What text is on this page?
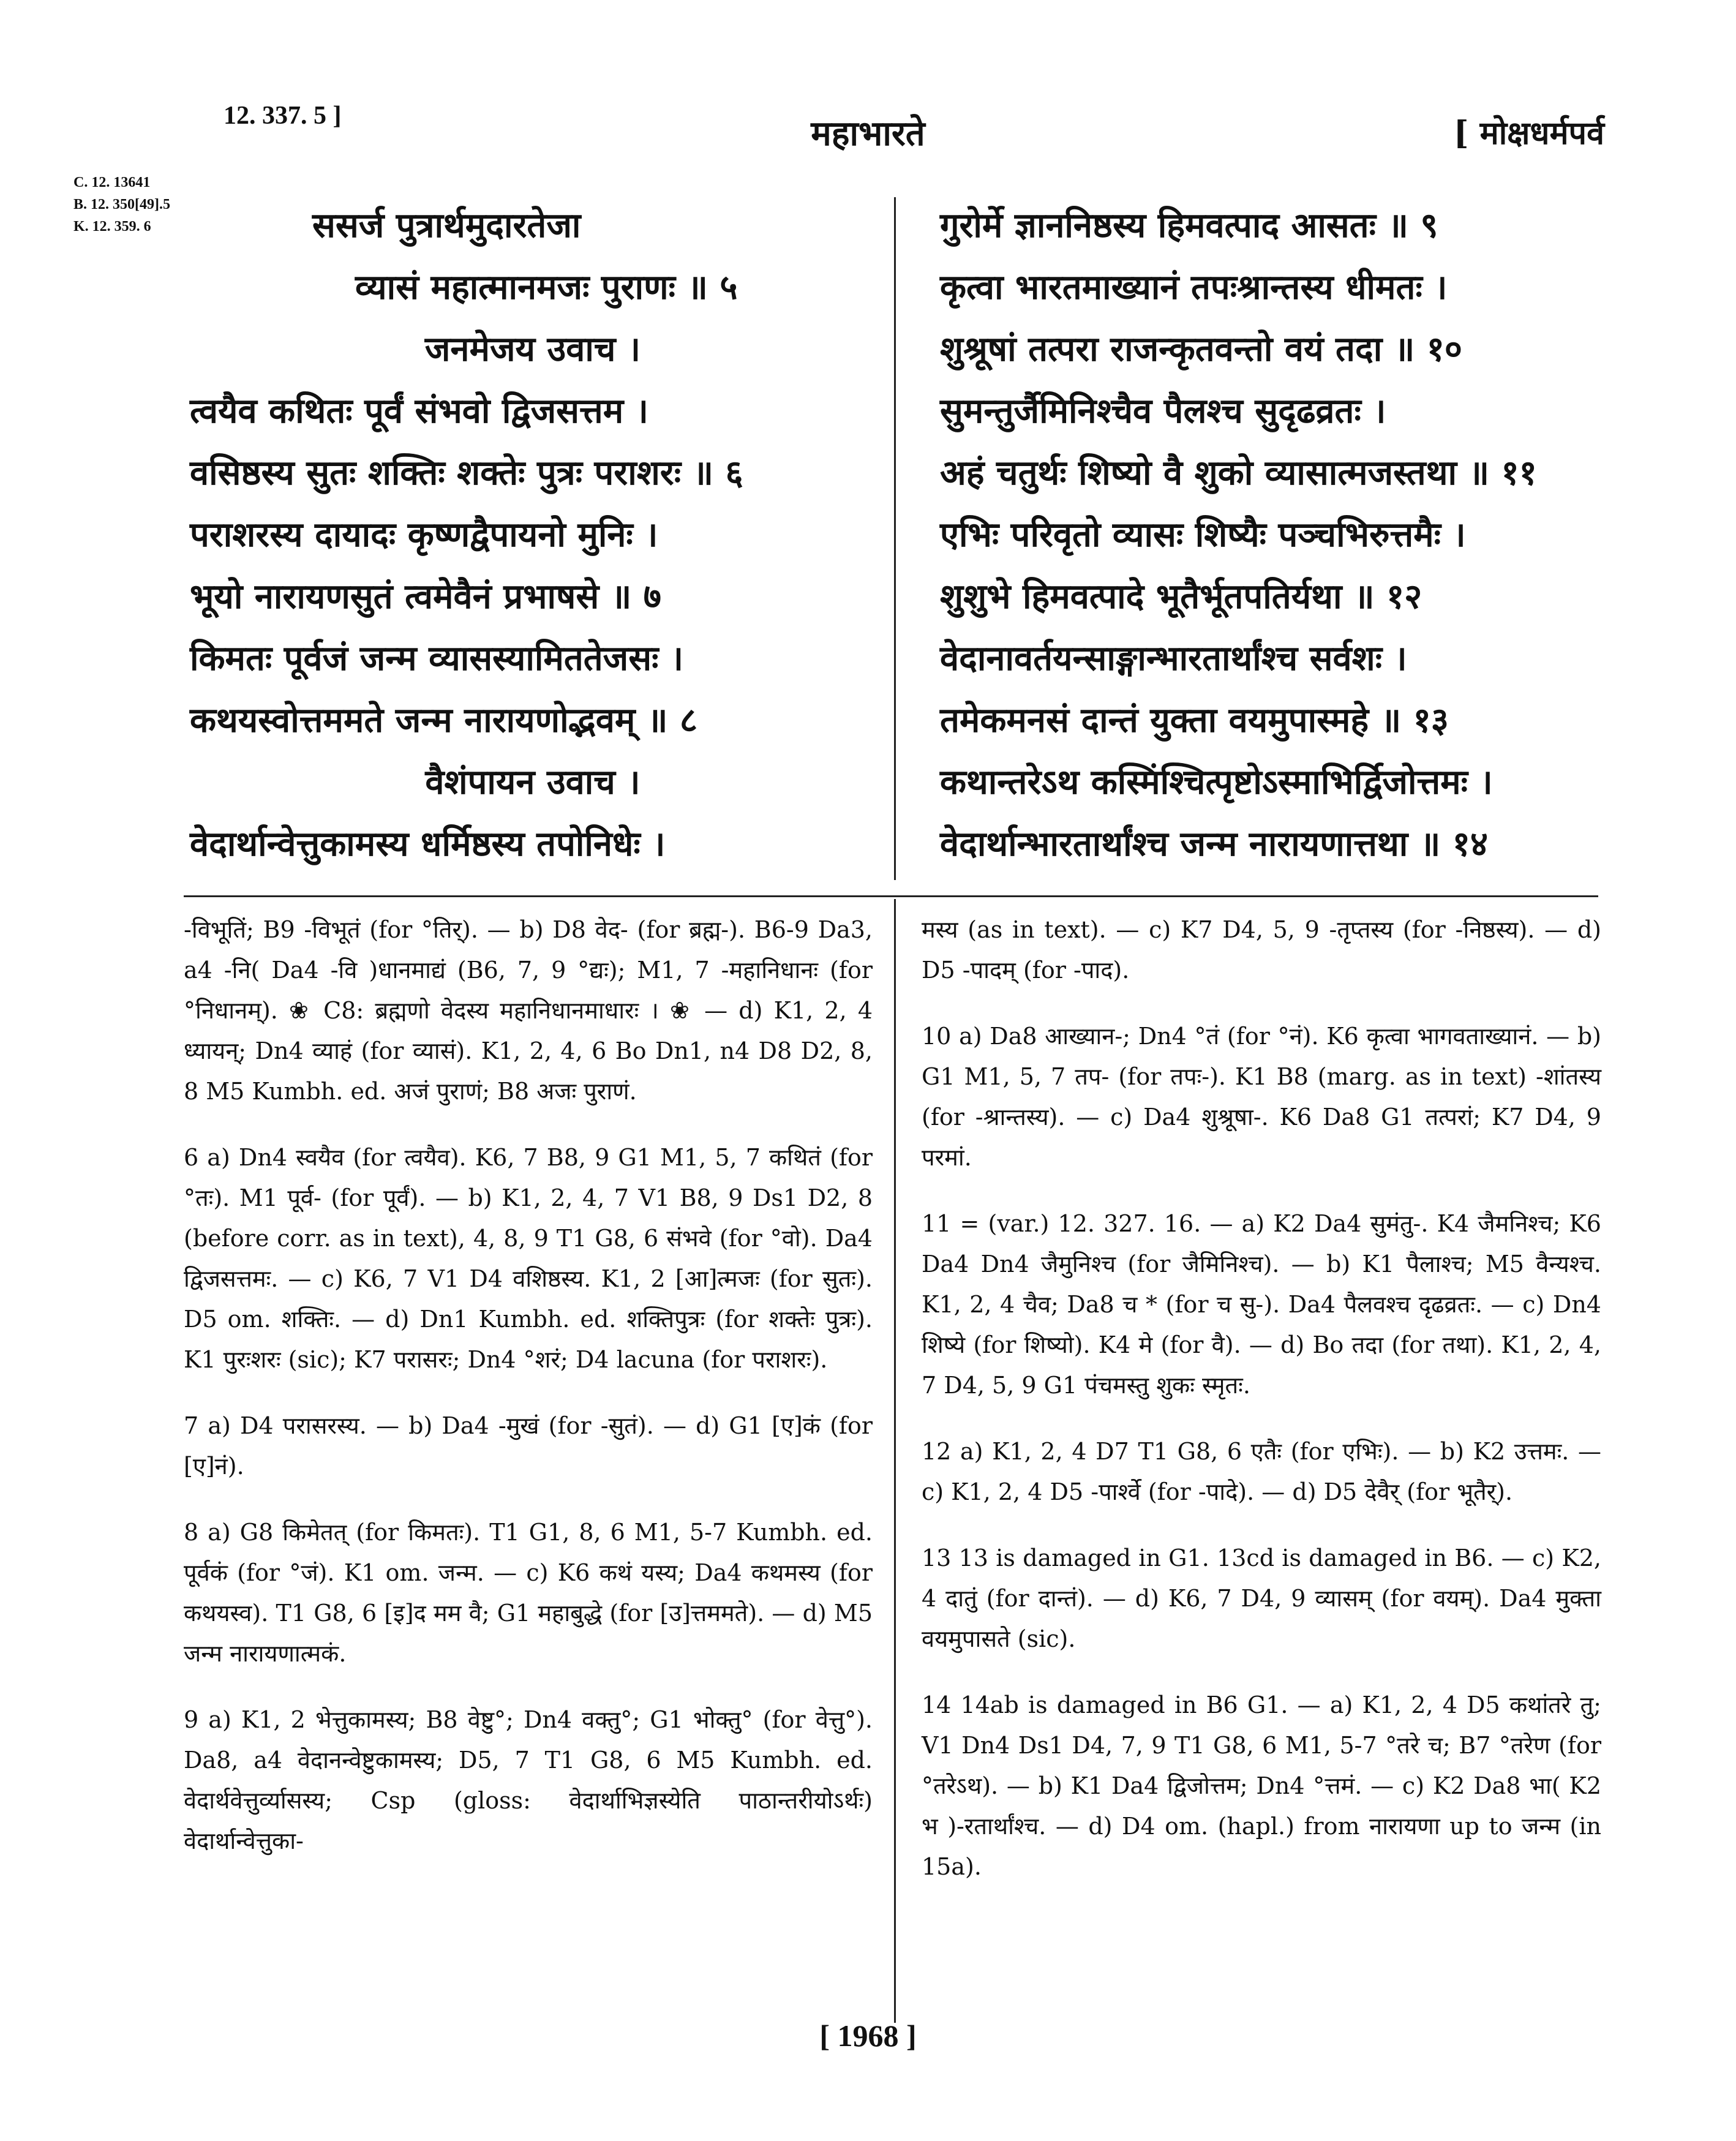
12. 337. 5 ]	महाभारते	[ मोक्षधर्मपर्व
C. 12. 13641
B. 12. 350[49].5
K. 12. 359. 6	ससर्ज पुत्रार्थमुदारतेजा
व्यासं महात्मानमजः पुराणः ॥ ५
जनमेजय उवाच ।
त्वयैव कथितः पूर्वं संभवो द्विजसत्तम ।
वसिष्ठस्य सुतः शक्तिः शक्तेः पुत्रः पराशरः ॥ ६
पराशरस्य दायादः कृष्णद्वैपायनो मुनिः ।
भूयो नारायणसुतं त्वमेवैनं प्रभाषसे ॥ ७
किमतः पूर्वजं जन्म व्यासस्यामिततेजसः ।
कथयस्वोत्तममते जन्म नारायणोद्भवम् ॥ ८
वैशंपायन उवाच ।
वेदार्थान्वेत्तुकामस्य धर्मिष्ठस्य तपोनिधेः ।
गुरोर्मे ज्ञाननिष्ठस्य हिमवत्पाद आसतः ॥ ९
कृत्वा भारतमाख्यानं तपःश्रान्तस्य धीमतः ।
शुश्रूषां तत्परा राजन्कृतवन्तो वयं तदा ॥ १०
सुमन्तुर्जैमिनिश्चैव पैलश्च सुदृढव्रतः ।
अहं चतुर्थः शिष्यो वै शुको व्यासात्मजस्तथा ॥ ११
एभिः परिवृतो व्यासः शिष्यैः पञ्चभिरुत्तमैः ।
शुशुभे हिमवत्पादे भूतैर्भूतपतिर्यथा ॥ १२
वेदानावर्तयन्साङ्गान्भारतार्थांश्च सर्वशः ।
तमेकमनसं दान्तं युक्ता वयमुपास्महे ॥ १३
कथान्तरेऽथ कस्मिंश्चित्पृष्टोऽस्माभिर्द्विजोत्तमः ।
वेदार्थान्भारतार्थांश्च जन्म नारायणात्तथा ॥ १४

-विभूतिं; B9 -विभूतं (for °तिर्). — b) D8 वेद- (for ब्रह्म-). B6-9 Da3, a4 -नि( Da4 -वि )धानमाद्यं (B6, 7, 9 °द्यः); M1, 7 -महानिधानः (for °निधानम्). ❀ C8: ब्रह्मणो वेदस्य महानिधानमाधारः । ❀ — d) K1, 2, 4 ध्यायन्; Dn4 व्याहं (for व्यासं). K1, 2, 4, 6 Bo Dn1, n4 D8 D2, 8, 8 M5 Kumbh. ed. अजं पुराणं; B8 अजः पुराणं.

6 a) Dn4 स्वयैव (for त्वयैव). K6, 7 B8, 9 G1 M1, 5, 7 कथितं (for °तः). M1 पूर्व- (for पूर्वं). — b) K1, 2, 4, 7 V1 B8, 9 Ds1 D2, 8 (before corr. as in text), 4, 8, 9 T1 G8, 6 संभवे (for °वो). Da4 द्विजसत्तमः. — c) K6, 7 V1 D4 वशिष्ठस्य. K1, 2 [आ]त्मजः (for सुतः). D5 om. शक्तिः. — d) Dn1 Kumbh. ed. शक्तिपुत्रः (for शक्तेः पुत्रः). K1 पुरःशरः (sic); K7 परासरः; Dn4 °शरं; D4 lacuna (for पराशरः).

7 a) D4 परासरस्य. — b) Da4 -मुखं (for -सुतं). — d) G1 [ए]कं (for [ए]नं).

8 a) G8 किमेतत् (for किमतः). T1 G1, 8, 6 M1, 5-7 Kumbh. ed. पूर्वकं (for °जं). K1 om. जन्म. — c) K6 कथं यस्य; Da4 कथमस्य (for कथयस्व). T1 G8, 6 [इ]द मम वै; G1 महाबुद्धे (for [उ]त्तममते). — d) M5 जन्म नारायणात्मकं.

9 a) K1, 2 भेत्तुकामस्य; B8 वेष्टु°; Dn4 वक्तु°; G1 भोक्तु° (for वेत्तु°). Da8, a4 वेदानन्वेष्टुकामस्य; D5, 7 T1 G8, 6 M5 Kumbh. ed. वेदार्थवेत्तुर्व्यासस्य; Csp (gloss: वेदार्थाभिज्ञस्येति पाठान्तरीयोऽर्थः) वेदार्थान्वेत्तुका-

मस्य (as in text). — c) K7 D4, 5, 9 -तृप्तस्य (for -निष्ठस्य). — d) D5 -पादम् (for -पाद).

10 a) Da8 आख्यान-; Dn4 °तं (for °नं). K6 कृत्वा भागवताख्यानं. — b) G1 M1, 5, 7 तप- (for तपः-). K1 B8 (marg. as in text) -शांतस्य (for -श्रान्तस्य). — c) Da4 शुश्रूषा-. K6 Da8 G1 तत्परां; K7 D4, 9 परमां.

11 = (var.) 12. 327. 16. — a) K2 Da4 सुमंतु-. K4 जैमनिश्च; K6 Da4 Dn4 जैमुनिश्च (for जैमिनिश्च). — b) K1 पैलाश्च; M5 वैन्यश्च. K1, 2, 4 चैव; Da8 च * (for च सु-). Da4 पैलवश्च दृढव्रतः. — c) Dn4 शिष्ये (for शिष्यो). K4 मे (for वै). — d) Bo तदा (for तथा). K1, 2, 4, 7 D4, 5, 9 G1 पंचमस्तु शुकः स्मृतः.

12 a) K1, 2, 4 D7 T1 G8, 6 एतैः (for एभिः). — b) K2 उत्तमः. — c) K1, 2, 4 D5 -पार्श्वे (for -पादे). — d) D5 देवैर् (for भूतैर्).

13 13 is damaged in G1. 13cd is damaged in B6. — c) K2, 4 दातुं (for दान्तं). — d) K6, 7 D4, 9 व्यासम् (for वयम्). Da4 मुक्ता वयमुपासते (sic).

14 14ab is damaged in B6 G1. — a) K1, 2, 4 D5 कथांतरे तु; V1 Dn4 Ds1 D4, 7, 9 T1 G8, 6 M1, 5-7 °तरे च; B7 °तरेण (for °तरेऽथ). — b) K1 Da4 द्विजोत्तम; Dn4 °त्तमं. — c) K2 Da8 भा( K2 भ )-रतार्थांश्च. — d) D4 om. (hapl.) from नारायणा up to जन्म (in 15a).

[ 1968 ]
